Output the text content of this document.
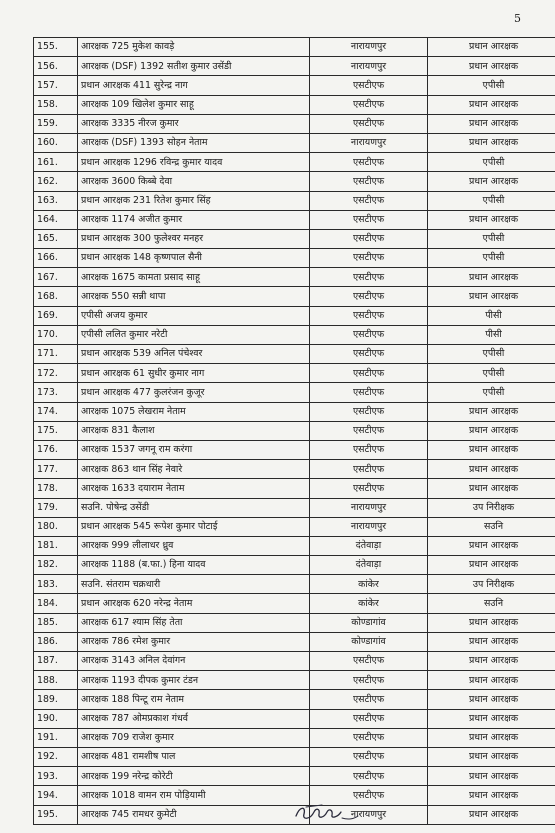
5
155.	आरक्षक 725 मुकेश कावड़े	नारायणपुर	प्रधान आरक्षक
156.	आरक्षक (DSF) 1392 सतीश कुमार उसेंडी	नारायणपुर	प्रधान आरक्षक
157.	प्रधान आरक्षक 411 सुरेन्द्र नाग	एसटीएफ	एपीसी
158.	आरक्षक 109 खिलेश कुमार साहू	एसटीएफ	प्रधान आरक्षक
159.	आरक्षक 3335 नीरज कुमार	एसटीएफ	प्रधान आरक्षक
160.	आरक्षक (DSF) 1393 सोहन नेताम	नारायणपुर	प्रधान आरक्षक
161.	प्रधान आरक्षक 1296 रविन्द्र कुमार यादव	एसटीएफ	एपीसी
162.	आरक्षक 3600 किब्बे देवा	एसटीएफ	प्रधान आरक्षक
163.	प्रधान आरक्षक 231 रितेश कुमार सिंह	एसटीएफ	एपीसी
164.	आरक्षक 1174 अजीत कुमार	एसटीएफ	प्रधान आरक्षक
165.	प्रधान आरक्षक 300 फुलेश्वर मनहर	एसटीएफ	एपीसी
166.	प्रधान आरक्षक 148 कृष्णपाल सैनी	एसटीएफ	एपीसी
167.	आरक्षक 1675 कामता प्रसाद साहू	एसटीएफ	प्रधान आरक्षक
168.	आरक्षक 550 सन्नी थापा	एसटीएफ	प्रधान आरक्षक
169.	एपीसी अजय कुमार	एसटीएफ	पीसी
170.	एपीसी ललित कुमार नरेटी	एसटीएफ	पीसी
171.	प्रधान आरक्षक 539 अनिल पंचेश्वर	एसटीएफ	एपीसी
172.	प्रधान आरक्षक 61 सुधीर कुमार नाग	एसटीएफ	एपीसी
173.	प्रधान आरक्षक 477 कुलरंजन कुजूर	एसटीएफ	एपीसी
174.	आरक्षक 1075 लेखराम नेताम	एसटीएफ	प्रधान आरक्षक
175.	आरक्षक 831 कैलाश	एसटीएफ	प्रधान आरक्षक
176.	आरक्षक 1537 जगनू राम करंगा	एसटीएफ	प्रधान आरक्षक
177.	आरक्षक 863 थान सिंह नेवारे	एसटीएफ	प्रधान आरक्षक
178.	आरक्षक 1633 दयाराम नेताम	एसटीएफ	प्रधान आरक्षक
179.	सउनि. पोषेन्द्र उसेंडी	नारायणपुर	उप निरीक्षक
180.	प्रधान आरक्षक 545 रूपेश कुमार पोटाई	नारायणपुर	सउनि
181.	आरक्षक 999 लीलाधर ध्रुव	दंतेवाड़ा	प्रधान आरक्षक
182.	आरक्षक 1188 (ब.फा.) हिना यादव	दंतेवाड़ा	प्रधान आरक्षक
183.	सउनि. संतराम चक्रधारी	कांकेर	उप निरीक्षक
184.	प्रधान आरक्षक 620 नरेन्द्र नेताम	कांकेर	सउनि
185.	आरक्षक 617 श्याम सिंह तेता	कोण्डागांव	प्रधान आरक्षक
186.	आरक्षक 786 रमेश कुमार	कोण्डागांव	प्रधान आरक्षक
187.	आरक्षक 3143 अनिल देवांगन	एसटीएफ	प्रधान आरक्षक
188.	आरक्षक 1193 दीपक कुमार टंडन	एसटीएफ	प्रधान आरक्षक
189.	आरक्षक 188 पिन्टू राम नेताम	एसटीएफ	प्रधान आरक्षक
190.	आरक्षक 787 ओमप्रकाश गंधर्व	एसटीएफ	प्रधान आरक्षक
191.	आरक्षक 709 राजेश कुमार	एसटीएफ	प्रधान आरक्षक
192.	आरक्षक 481 रामशीष पाल	एसटीएफ	प्रधान आरक्षक
193.	आरक्षक 199 नरेन्द्र कोरेटी	एसटीएफ	प्रधान आरक्षक
194.	आरक्षक 1018 वामन राम पोड़ियामी	एसटीएफ	प्रधान आरक्षक
195.	आरक्षक 745 रामधर कुमेटी	नारायणपुर	प्रधान आरक्षक
